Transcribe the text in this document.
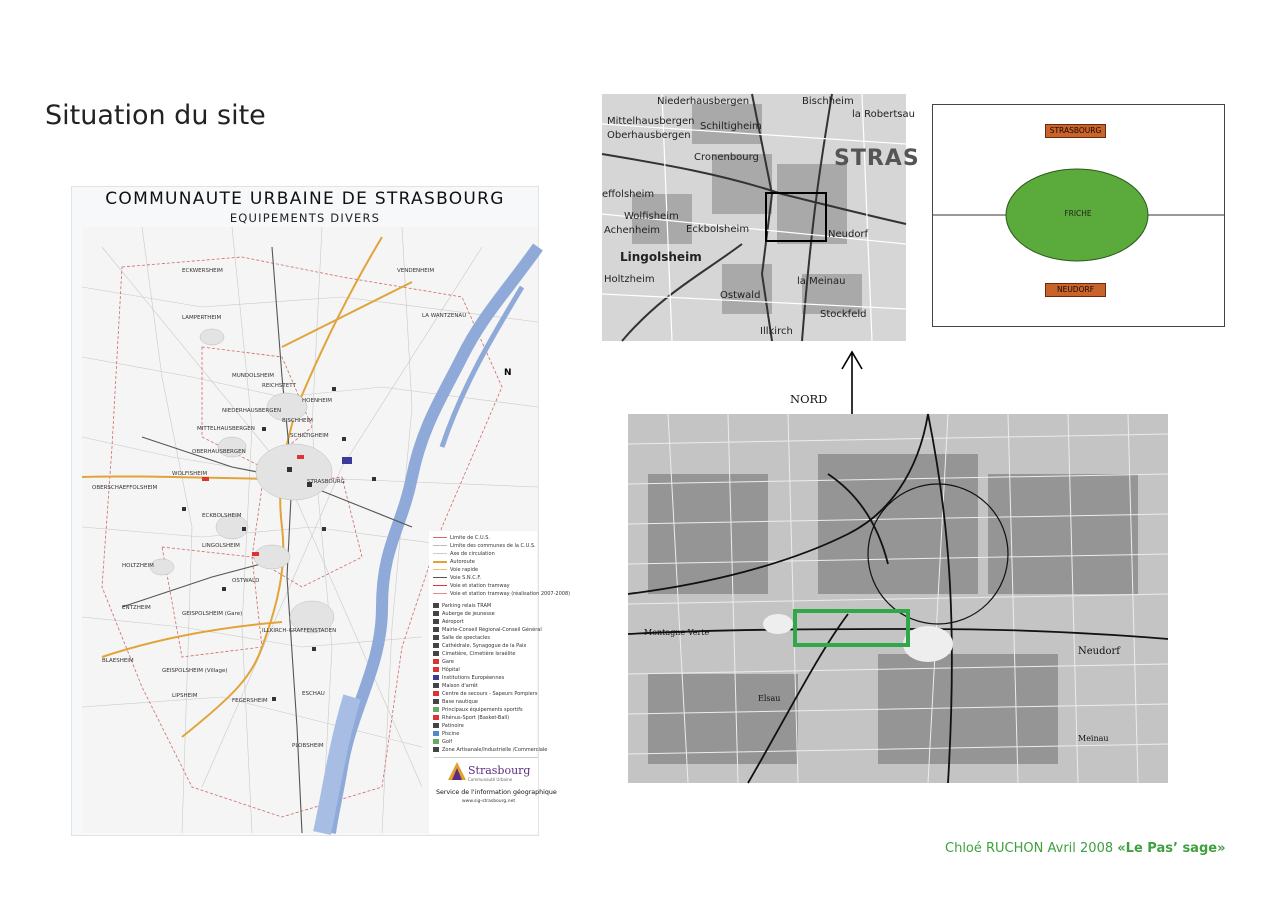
Situation du site
COMMUNAUTE URBAINE DE STRASBOURG
EQUIPEMENTS DIVERS
ECKWERSHEIM	VENDENHEIM
LAMPERTHEIM	LA WANTZENAU
MUNDOLSHEIM
REICHSTETT
NIEDERHAUSBERGEN
HOENHEIM
MITTELHAUSBERGEN
BISCHHEIM
SCHILTIGHEIM
OBERHAUSBERGEN
WOLFISHEIM
OBERSCHAEFFOLSHEIM
STRASBOURG
ECKBOLSHEIM
LINGOLSHEIM
HOLTZHEIM
OSTWALD
ENTZHEIM
GEISPOLSHEIM (Gare)
ILLKIRCH-GRAFFENSTADEN
BLAESHEIM
GEISPOLSHEIM (Village)
LIPSHEIM
FEGERSHEIM
ESCHAU
PLOBSHEIM
N
Limite de C.U.S.
Limite des communes de la C.U.S.
Axe de circulation
Autoroute
Voie rapide
Voie S.N.C.F.
Voie et station tramway
Voie et station tramway (réalisation 2007-2008)
Parking relais TRAM
Auberge de jeunesse
Aéroport
Mairie-Conseil Régional-Conseil Général
Salle de spectacles
Cathédrale, Synagogue de la Paix
Cimetière, Cimetière Israélite
Gare
Hôpital
Institutions Européennes
Maison d'arrêt
Centre de secours - Sapeurs Pompiers
Base nautique
Principaux équipements sportifs
Rhénus-Sport (Basket-Ball)
Patinoire
Piscine
Golf
Zone Artisanale/Industrielle /Commerciale
Strasbourg
Communauté Urbaine
Service de l'information géographique
www.sig-strasbourg.net
STRAS
Niederhausbergen	Bischheim
Mittelhausbergen
Oberhausbergen
Schiltigheim
Cronenbourg
effolsheim
Wolfisheim
Achenheim	Eckbolsheim
Lingolsheim
Holtzheim
Ostwald
Illkirch
Neudorf
la Meinau
Stockfeld
la Robertsau
STRASBOURG
FRICHE
NEUDORF
NORD
Montagne Verte
Neudorf
Elsau
Meinau
Chloé RUCHON Avril 2008 «Le Pas’ sage»
